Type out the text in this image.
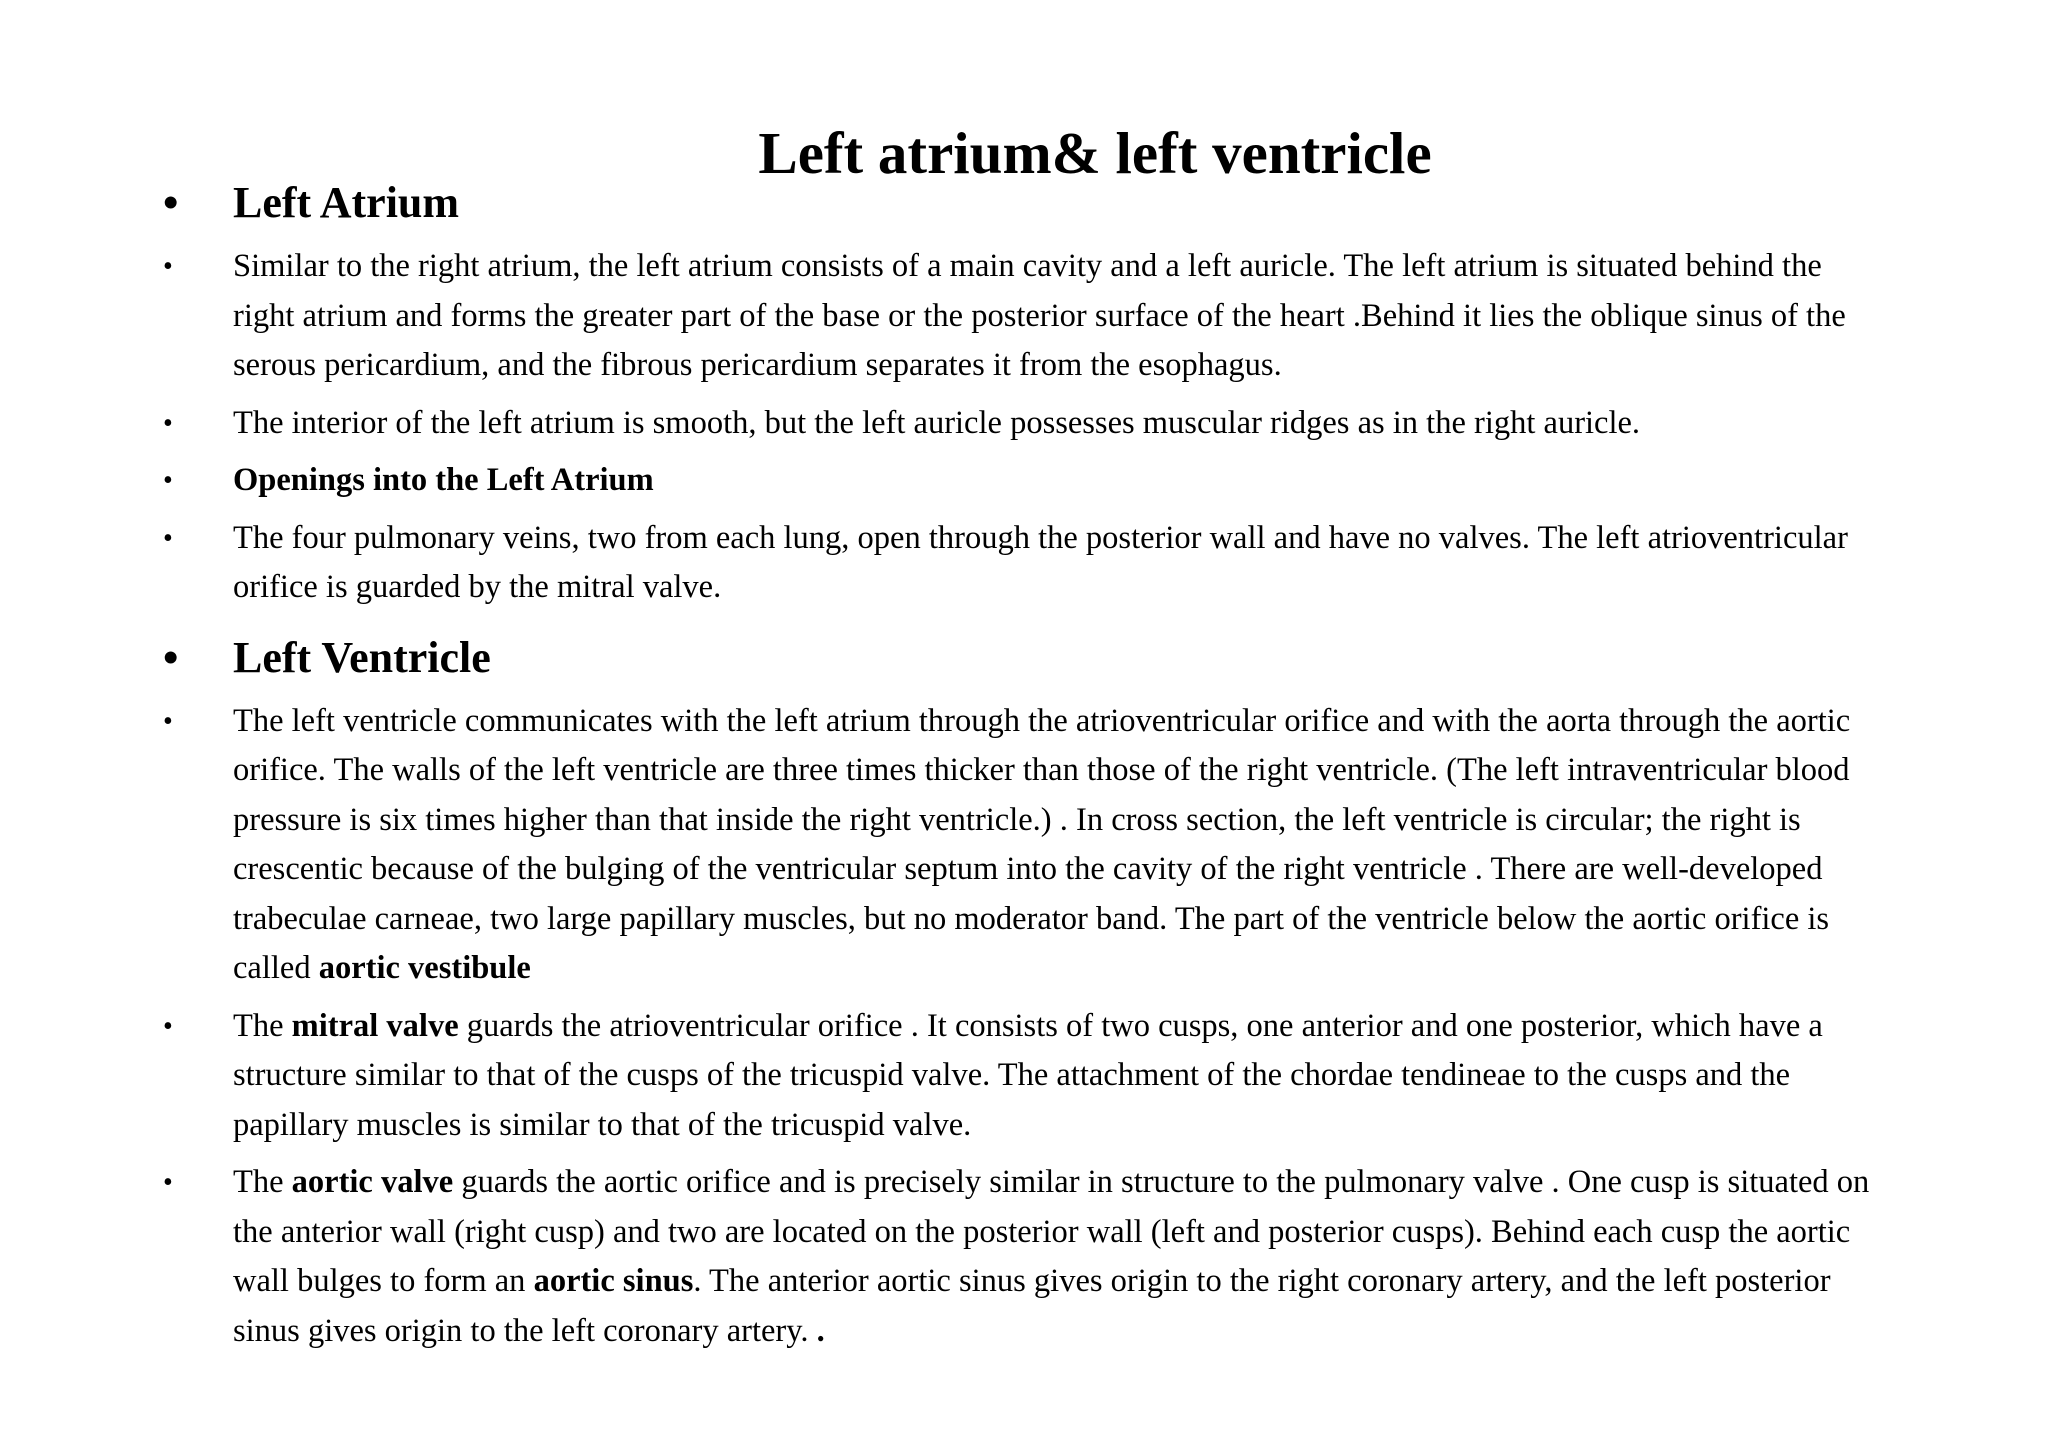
Left atrium& left ventricle
• Left Atrium
• Similar to the right atrium, the left atrium consists of a main cavity and a left auricle. The left atrium is situated behind the right atrium and forms the greater part of the base or the posterior surface of the heart .Behind it lies the oblique sinus of the serous pericardium, and the fibrous pericardium separates it from the esophagus.
• The interior of the left atrium is smooth, but the left auricle possesses muscular ridges as in the right auricle.
• Openings into the Left Atrium
• The four pulmonary veins, two from each lung, open through the posterior wall and have no valves. The left atrioventricular orifice is guarded by the mitral valve.
• Left Ventricle
• The left ventricle communicates with the left atrium through the atrioventricular orifice and with the aorta through the aortic orifice. The walls of the left ventricle are three times thicker than those of the right ventricle. (The left intraventricular blood pressure is six times higher than that inside the right ventricle.) . In cross section, the left ventricle is circular; the right is crescentic because of the bulging of the ventricular septum into the cavity of the right ventricle . There are well-developed trabeculae carneae, two large papillary muscles, but no moderator band. The part of the ventricle below the aortic orifice is called aortic vestibule
• The mitral valve guards the atrioventricular orifice . It consists of two cusps, one anterior and one posterior, which have a structure similar to that of the cusps of the tricuspid valve. The attachment of the chordae tendineae to the cusps and the papillary muscles is similar to that of the tricuspid valve.
• The aortic valve guards the aortic orifice and is precisely similar in structure to the pulmonary valve . One cusp is situated on the anterior wall (right cusp) and two are located on the posterior wall (left and posterior cusps). Behind each cusp the aortic wall bulges to form an aortic sinus. The anterior aortic sinus gives origin to the right coronary artery, and the left posterior sinus gives origin to the left coronary artery. .
